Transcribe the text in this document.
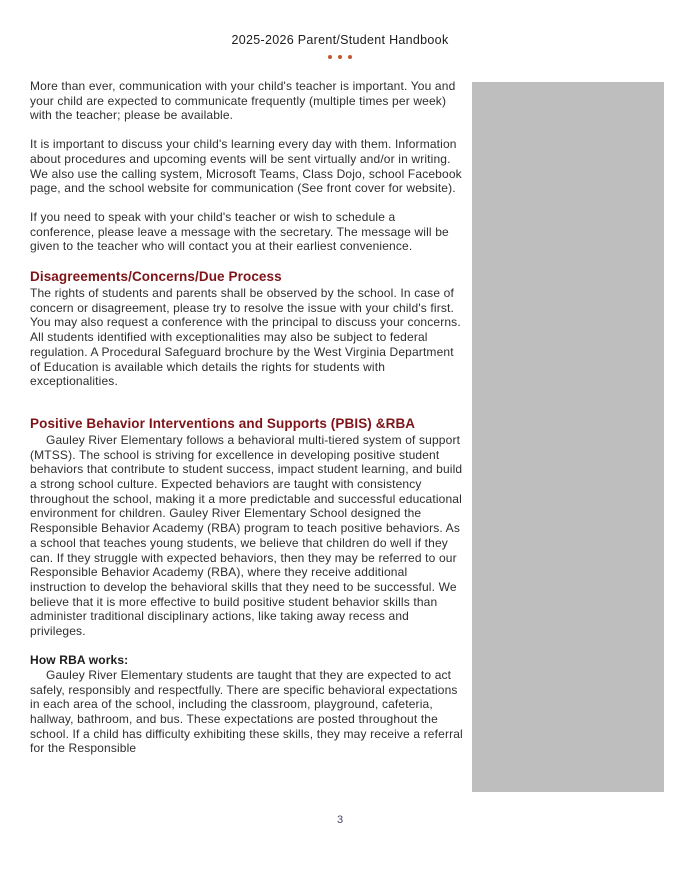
2025-2026 Parent/Student Handbook

More than ever, communication with your child's teacher is important. You and your child are expected to communicate frequently (multiple times per week) with the teacher; please be available.

It is important to discuss your child's learning every day with them. Information about procedures and upcoming events will be sent virtually and/or in writing. We also use the calling system, Microsoft Teams, Class Dojo, school Facebook page, and the school website for communication (See front cover for website).

If you need to speak with your child's teacher or wish to schedule a conference, please leave a message with the secretary. The message will be given to the teacher who will contact you at their earliest convenience.

Disagreements/Concerns/Due Process

The rights of students and parents shall be observed by the school. In case of concern or disagreement, please try to resolve the issue with your child's first. You may also request a conference with the principal to discuss your concerns. All students identified with exceptionalities may also be subject to federal regulation. A Procedural Safeguard brochure by the West Virginia Department of Education is available which details the rights for students with exceptionalities.

Positive Behavior Interventions and Supports (PBIS) &RBA

Gauley River Elementary follows a behavioral multi-tiered system of support (MTSS). The school is striving for excellence in developing positive student behaviors that contribute to student success, impact student learning, and build a strong school culture. Expected behaviors are taught with consistency throughout the school, making it a more predictable and successful educational environment for children. Gauley River Elementary School designed the Responsible Behavior Academy (RBA) program to teach positive behaviors. As a school that teaches young students, we believe that children do well if they can. If they struggle with expected behaviors, then they may be referred to our Responsible Behavior Academy (RBA), where they receive additional instruction to develop the behavioral skills that they need to be successful. We believe that it is more effective to build positive student behavior skills than administer traditional disciplinary actions, like taking away recess and privileges.

How RBA works:

Gauley River Elementary students are taught that they are expected to act safely, responsibly and respectfully. There are specific behavioral expectations in each area of the school, including the classroom, playground, cafeteria, hallway, bathroom, and bus. These expectations are posted throughout the school. If a child has difficulty exhibiting these skills, they may receive a referral for the Responsible

3
